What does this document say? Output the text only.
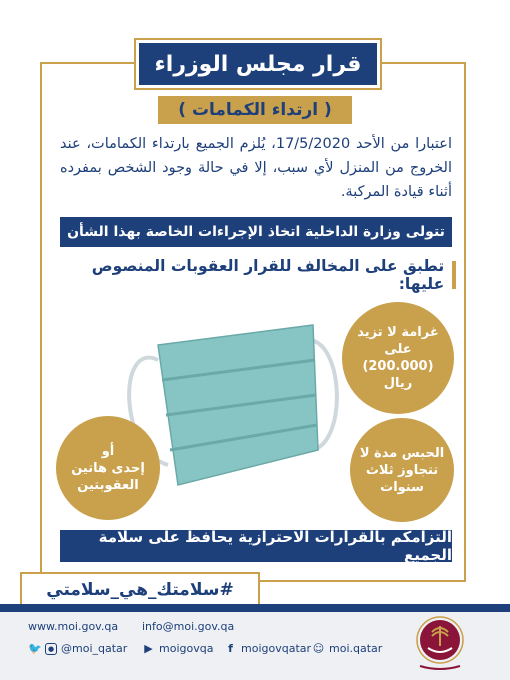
قرار مجلس الوزراء
( ارتداء الكمامات )
اعتبارا من الأحد 17/5/2020، يُلزم الجميع بارتداء الكمامات، عند الخروج من المنزل لأي سبب، إلا في حالة وجود الشخص بمفرده أثناء قيادة المركبة.
تتولى وزارة الداخلية اتخاذ الإجراءات الخاصة بهذا الشأن
تطبق على المخالف للقرار العقوبات المنصوص عليها:
غرامة لا تزيد
على
(200.000)
ريال
أو
إحدى هاتين
العقوبتين
الحبس مدة لا
تتجاوز ثلاث
سنوات
التزامكم بالقرارات الاحترازية يحافظ على سلامة الجميع
#سلامتك_هي_سلامتي
www.moi.gov.qa info@moi.gov.qa
🐦 ● @moi_qatar ▶ moigovqa	f moigovqatar ☺ moi.qatar
